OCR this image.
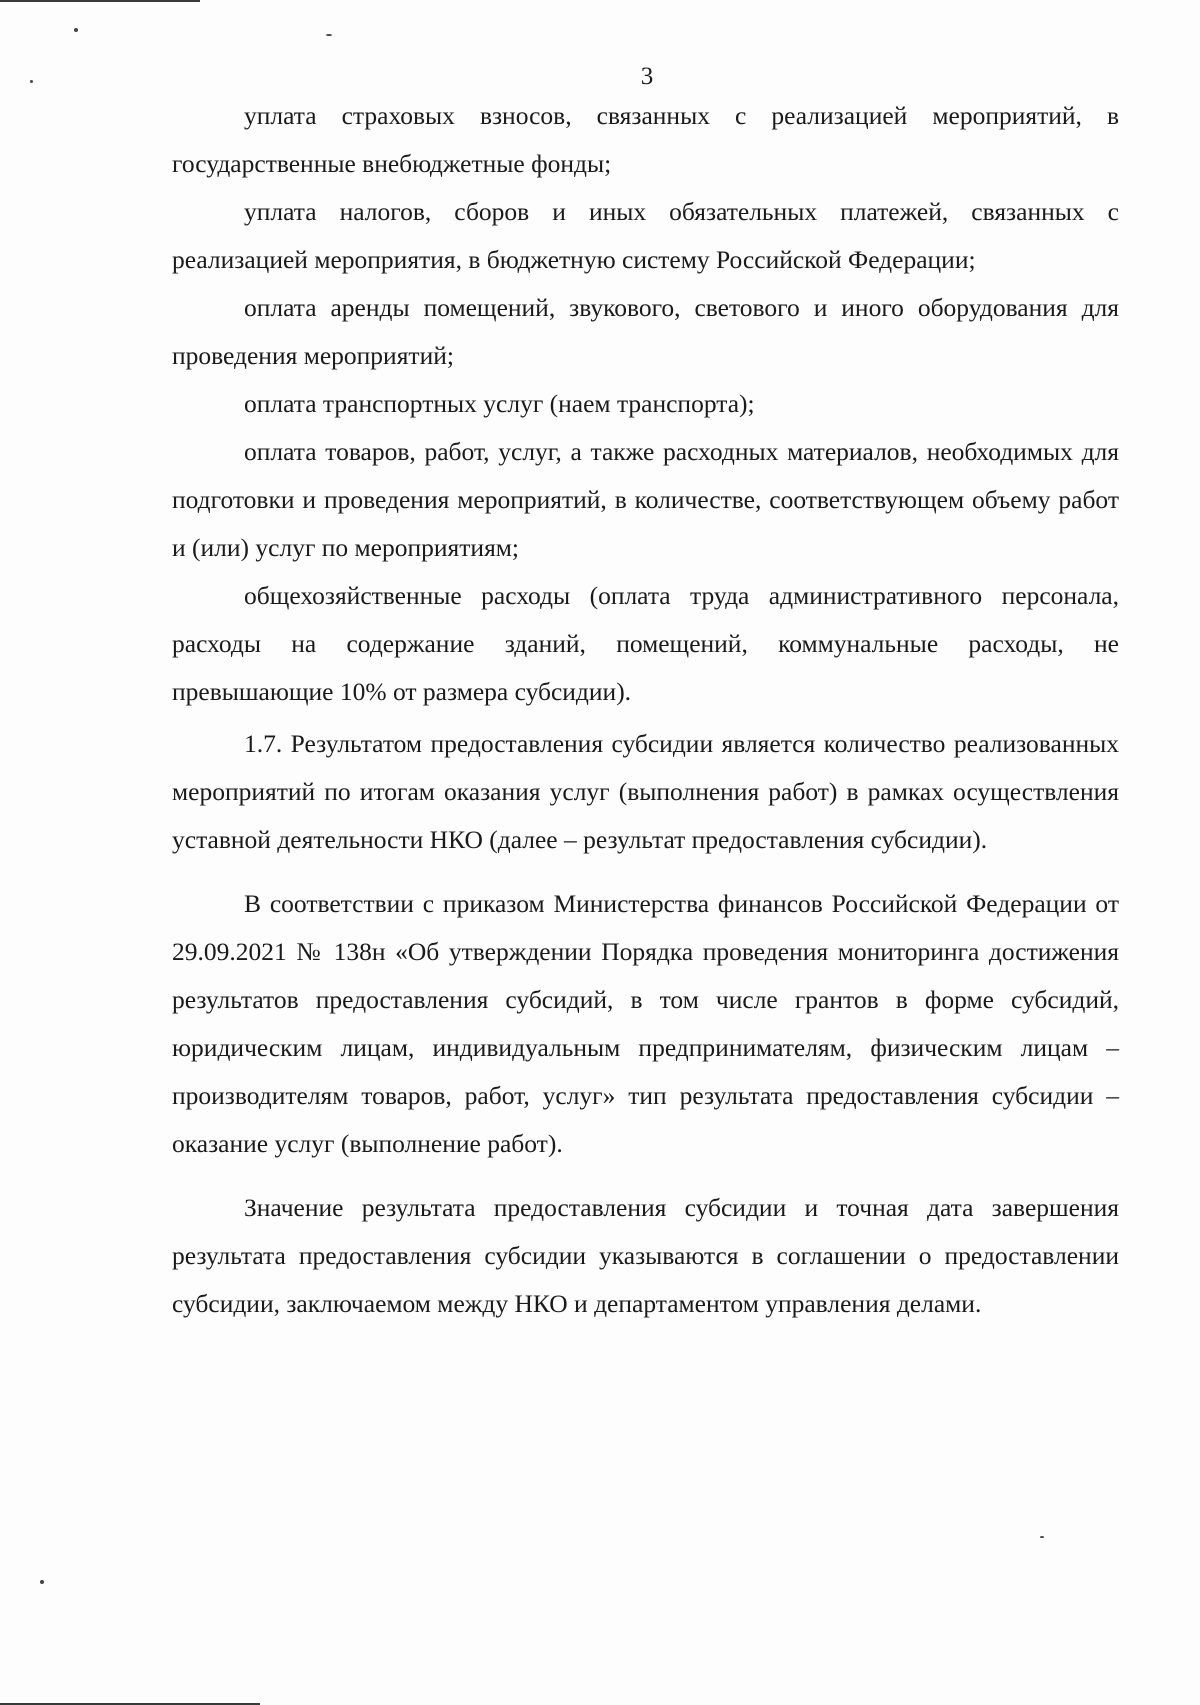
3

уплата страховых взносов, связанных с реализацией мероприятий, в государственные внебюджетные фонды;

уплата налогов, сборов и иных обязательных платежей, связанных с реализацией мероприятия, в бюджетную систему Российской Федерации;

оплата аренды помещений, звукового, светового и иного оборудования для проведения мероприятий;

оплата транспортных услуг (наем транспорта);

оплата товаров, работ, услуг, а также расходных материалов, необходимых для подготовки и проведения мероприятий, в количестве, соответствующем объему работ и (или) услуг по мероприятиям;

общехозяйственные расходы (оплата труда административного персонала, расходы на содержание зданий, помещений, коммунальные расходы, не превышающие 10% от размера субсидии).

1.7. Результатом предоставления субсидии является количество реализованных мероприятий по итогам оказания услуг (выполнения работ) в рамках осуществления уставной деятельности НКО (далее – результат предоставления субсидии).

В соответствии с приказом Министерства финансов Российской Федерации от 29.09.2021 № 138н «Об утверждении Порядка проведения мониторинга достижения результатов предоставления субсидий, в том числе грантов в форме субсидий, юридическим лицам, индивидуальным предпринимателям, физическим лицам – производителям товаров, работ, услуг» тип результата предоставления субсидии – оказание услуг (выполнение работ).

Значение результата предоставления субсидии и точная дата завершения результата предоставления субсидии указываются в соглашении о предоставлении субсидии, заключаемом между НКО и департаментом управления делами.
